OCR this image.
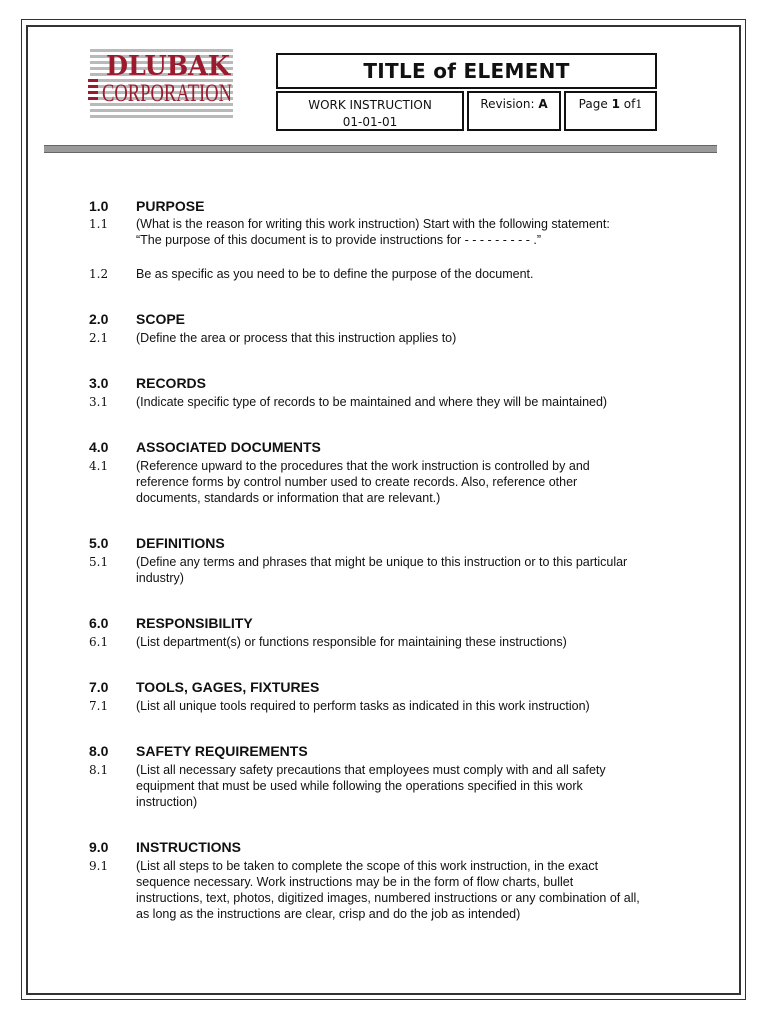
DLUBAK
CORPORATION
TITLE of ELEMENT
WORK INSTRUCTION
01-01-01
Revision: A	Page 1 of1
1.0 PURPOSE
1.1	(What is the reason for writing this work instruction) Start with the following statement:
“The purpose of this document is to provide instructions for - - - - - - - - - .”
1.2	Be as specific as you need to be to define the purpose of the document.
2.0 SCOPE
2.1	(Define the area or process that this instruction applies to)
3.0 RECORDS
3.1	(Indicate specific type of records to be maintained and where they will be maintained)
4.0 ASSOCIATED DOCUMENTS
4.1	(Reference upward to the procedures that the work instruction is controlled by and
reference forms by control number used to create records. Also, reference other
documents, standards or information that are relevant.)
5.0 DEFINITIONS
5.1	(Define any terms and phrases that might be unique to this instruction or to this particular
industry)
6.0 RESPONSIBILITY
6.1	(List department(s) or functions responsible for maintaining these instructions)
7.0 TOOLS, GAGES, FIXTURES
7.1	(List all unique tools required to perform tasks as indicated in this work instruction)
8.0 SAFETY REQUIREMENTS
8.1	(List all necessary safety precautions that employees must comply with and all safety
equipment that must be used while following the operations specified in this work
instruction)
9.0 INSTRUCTIONS
9.1	(List all steps to be taken to complete the scope of this work instruction, in the exact
sequence necessary. Work instructions may be in the form of flow charts, bullet
instructions, text, photos, digitized images, numbered instructions or any combination of all,
as long as the instructions are clear, crisp and do the job as intended)
